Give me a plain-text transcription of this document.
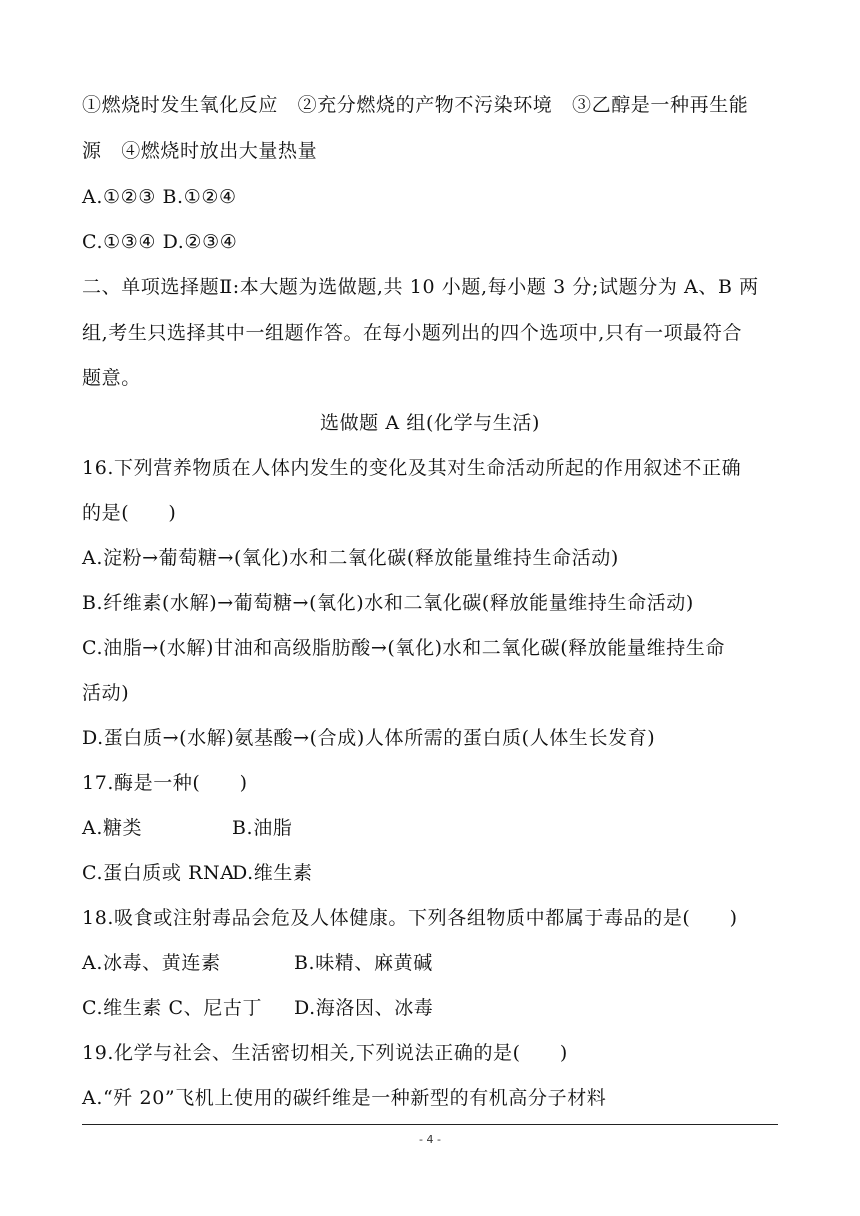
①燃烧时发生氧化反应　②充分燃烧的产物不污染环境　③乙醇是一种再生能
源　④燃烧时放出大量热量
A.①②③ B.①②④
C.①③④ D.②③④
二、单项选择题Ⅱ:本大题为选做题,共 10 小题,每小题 3 分;试题分为 A、B 两
组,考生只选择其中一组题作答。在每小题列出的四个选项中,只有一项最符合
题意。
选做题 A 组(化学与生活)
16.下列营养物质在人体内发生的变化及其对生命活动所起的作用叙述不正确
的是(　　)
A.淀粉→葡萄糖→(氧化)水和二氧化碳(释放能量维持生命活动)
B.纤维素(水解)→葡萄糖→(氧化)水和二氧化碳(释放能量维持生命活动)
C.油脂→(水解)甘油和高级脂肪酸→(氧化)水和二氧化碳(释放能量维持生命
活动)
D.蛋白质→(水解)氨基酸→(合成)人体所需的蛋白质(人体生长发育)
17.酶是一种(　　)
A.糖类	B.油脂
C.蛋白质或 RNAD.维生素
18.吸食或注射毒品会危及人体健康。下列各组物质中都属于毒品的是(　　)
A.冰毒、黄连素	B.味精、麻黄碱
C.维生素 C、尼古丁 D.海洛因、冰毒
19.化学与社会、生活密切相关,下列说法正确的是(　　)
A.“歼 20”飞机上使用的碳纤维是一种新型的有机高分子材料
- 4 -
